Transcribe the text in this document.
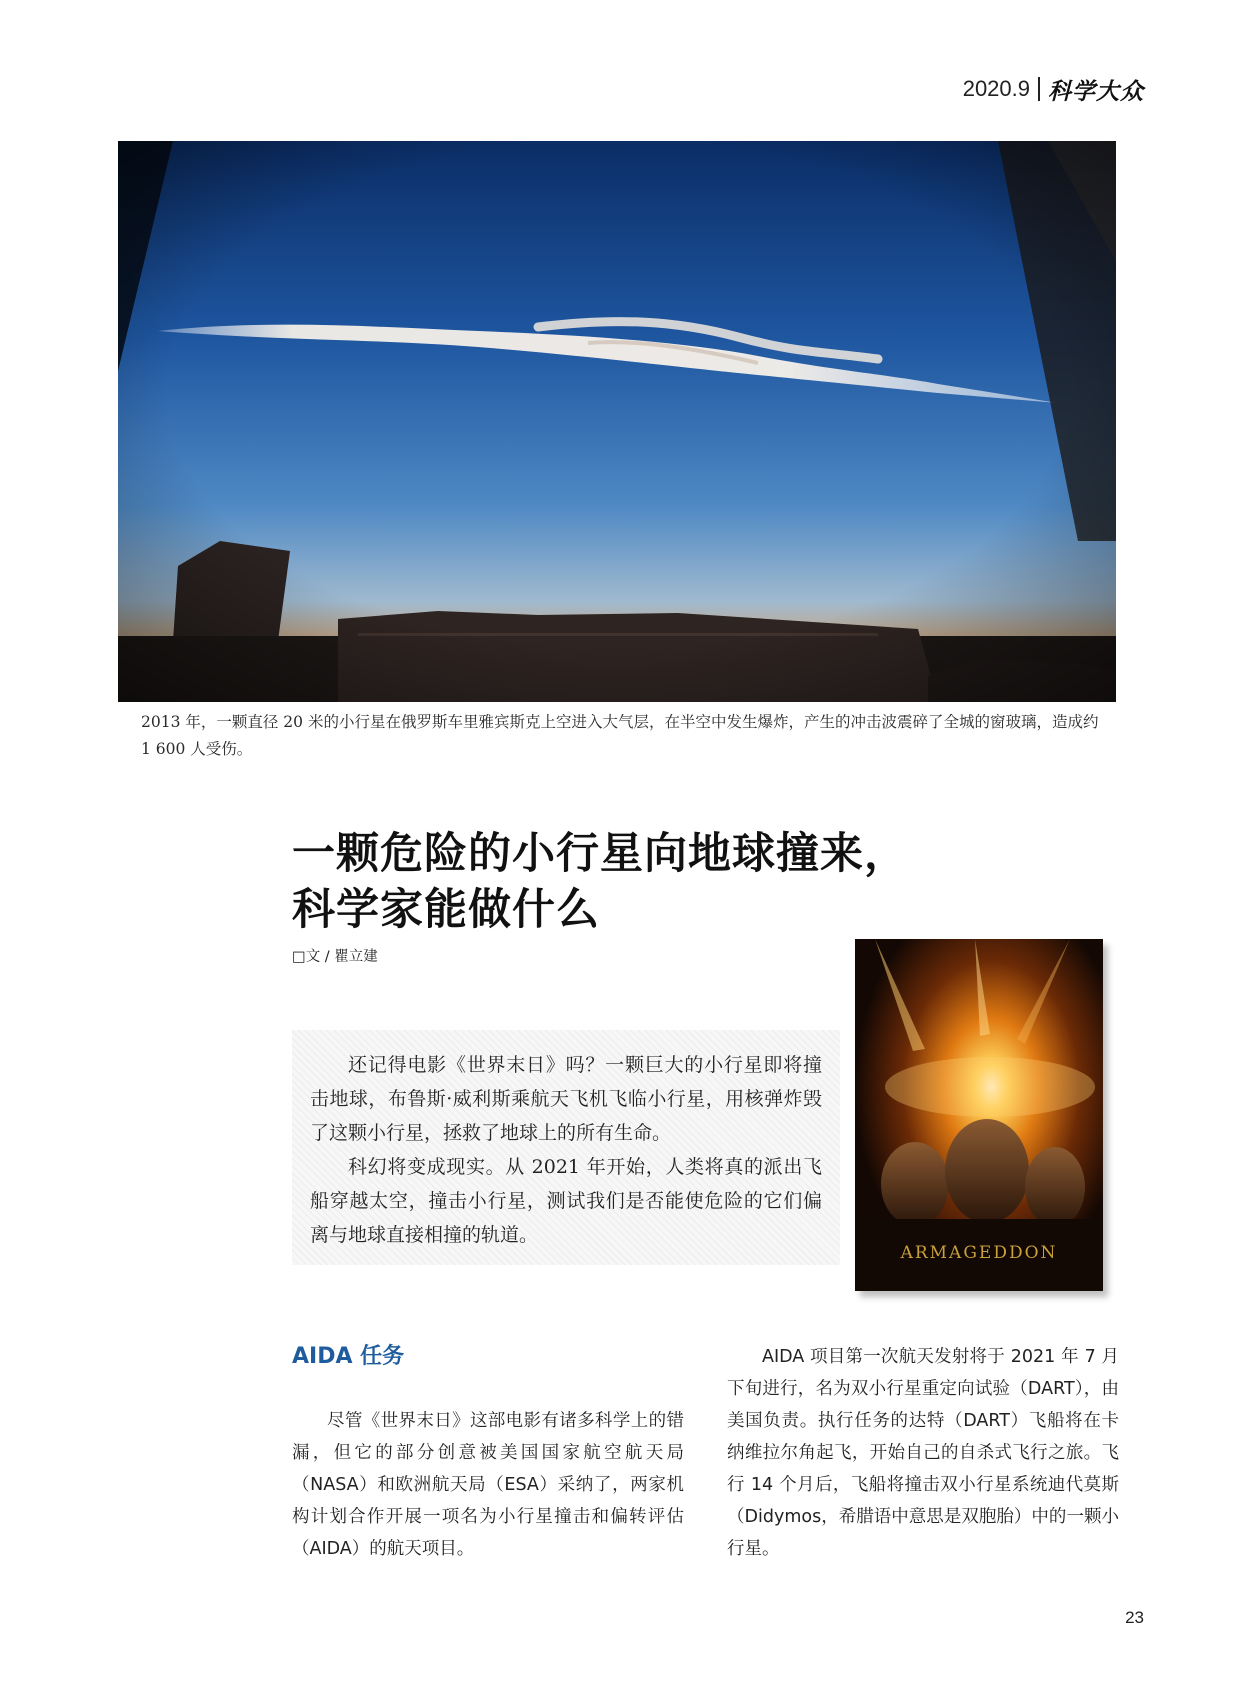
2020.9 科学大众
2013 年，一颗直径 20 米的小行星在俄罗斯车里雅宾斯克上空进入大气层，在半空中发生爆炸，产生的冲击波震碎了全城的窗玻璃，造成约 1 600 人受伤。
一颗危险的小行星向地球撞来，
科学家能做什么
□文 / 瞿立建

还记得电影《世界末日》吗？一颗巨大的小行星即将撞击地球，布鲁斯·威利斯乘航天飞机飞临小行星，用核弹炸毁了这颗小行星，拯救了地球上的所有生命。

科幻将变成现实。从 2021 年开始，人类将真的派出飞船穿越太空，撞击小行星，测试我们是否能使危险的它们偏离与地球直接相撞的轨道。

ARMAGEDDON
AIDA 任务

尽管《世界末日》这部电影有诸多科学上的错漏，但它的部分创意被美国国家航空航天局（NASA）和欧洲航天局（ESA）采纳了，两家机构计划合作开展一项名为小行星撞击和偏转评估（AIDA）的航天项目。

AIDA 项目第一次航天发射将于 2021 年 7 月下旬进行，名为双小行星重定向试验（DART），由美国负责。执行任务的达特（DART）飞船将在卡纳维拉尔角起飞，开始自己的自杀式飞行之旅。飞行 14 个月后，飞船将撞击双小行星系统迪代莫斯（Didymos，希腊语中意思是双胞胎）中的一颗小行星。

23
